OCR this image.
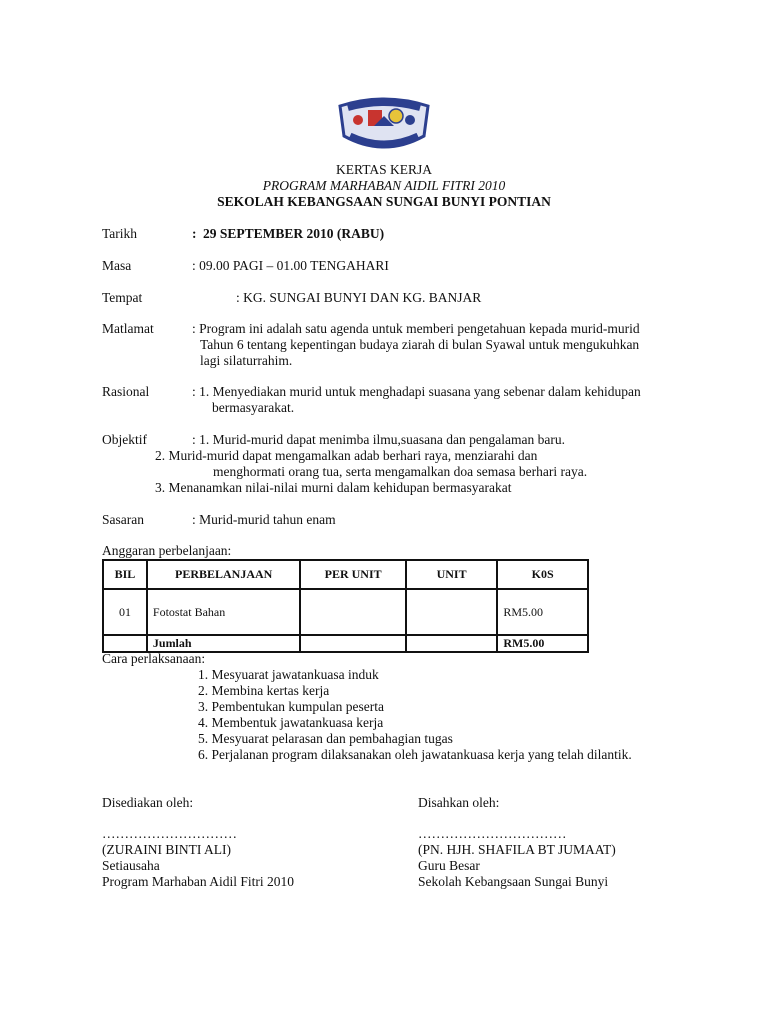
KERTAS KERJA
PROGRAM MARHABAN AIDIL FITRI 2010
SEKOLAH KEBANGSAAN SUNGAI BUNYI PONTIAN
Tarikh	: 29 SEPTEMBER 2010 (RABU)
Masa	: 09.00 PAGI – 01.00 TENGAHARI
Tempat	: KG. SUNGAI BUNYI DAN KG. BANJAR
Matlamat	: Program ini adalah satu agenda untuk memberi pengetahuan kepada murid-murid
Tahun 6 tentang kepentingan budaya ziarah di bulan Syawal untuk mengukuhkan
lagi silaturrahim.
Rasional	: 1. Menyediakan murid untuk menghadapi suasana yang sebenar dalam kehidupan
bermasyarakat.
Objektif	: 1. Murid-murid dapat menimba ilmu,suasana dan pengalaman baru.
2. Murid-murid dapat mengamalkan adab berhari raya, menziarahi dan
menghormati orang tua, serta mengamalkan doa semasa berhari raya.
3. Menanamkan nilai-nilai murni dalam kehidupan bermasyarakat
Sasaran	: Murid-murid tahun enam
Anggaran perbelanjaan:
BIL	PERBELANJAAN	PER UNIT	UNIT	K0S
01	Fotostat Bahan			RM5.00
	Jumlah			RM5.00
Cara perlaksanaan:
1. Mesyuarat jawatankuasa induk
2. Membina kertas kerja
3. Pembentukan kumpulan peserta
4. Membentuk jawatankuasa kerja
5. Mesyuarat pelarasan dan pembahagian tugas
6. Perjalanan program dilaksanakan oleh jawatankuasa kerja yang telah dilantik.
Disediakan oleh:
…………………………
(ZURAINI BINTI ALI)
Setiausaha
Program Marhaban Aidil Fitri 2010
Disahkan oleh:
……………………………
(PN. HJH. SHAFILA BT JUMAAT)
Guru Besar
Sekolah Kebangsaan Sungai Bunyi
